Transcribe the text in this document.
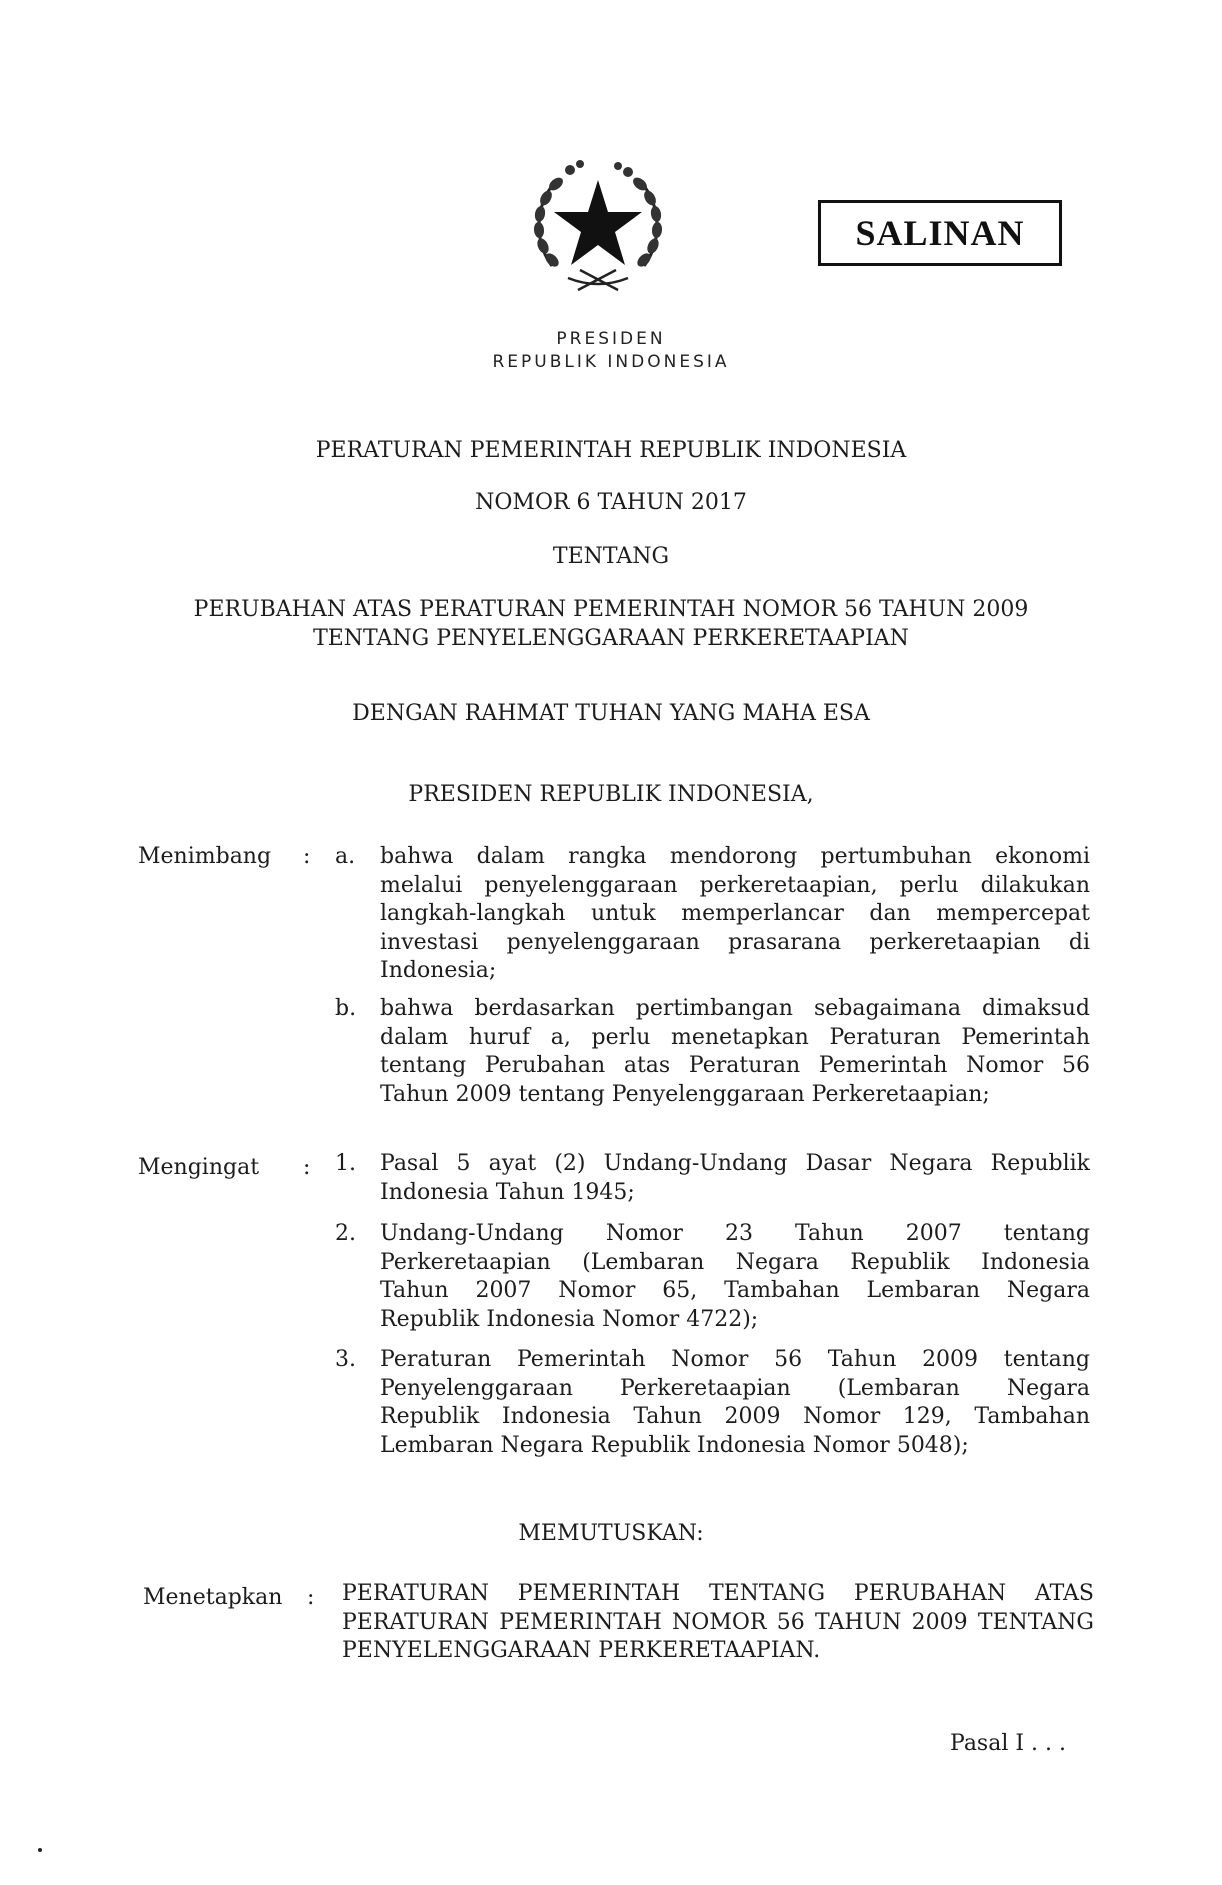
SALINAN
PRESIDEN
REPUBLIK INDONESIA
PERATURAN PEMERINTAH REPUBLIK INDONESIA
NOMOR 6 TAHUN 2017
TENTANG
PERUBAHAN ATAS PERATURAN PEMERINTAH NOMOR 56 TAHUN 2009
TENTANG PENYELENGGARAAN PERKERETAAPIAN
DENGAN RAHMAT TUHAN YANG MAHA ESA
PRESIDEN REPUBLIK INDONESIA,
Menimbang : a. bahwa dalam rangka mendorong pertumbuhan ekonomi
melalui penyelenggaraan perkeretaapian, perlu dilakukan
langkah-langkah untuk memperlancar dan mempercepat
investasi penyelenggaraan prasarana perkeretaapian di
Indonesia;
b. bahwa berdasarkan pertimbangan sebagaimana dimaksud
dalam huruf a, perlu menetapkan Peraturan Pemerintah
tentang Perubahan atas Peraturan Pemerintah Nomor 56
Tahun 2009 tentang Penyelenggaraan Perkeretaapian;
Mengingat : 1. Pasal 5 ayat (2) Undang-Undang Dasar Negara Republik
Indonesia Tahun 1945;
2. Undang-Undang Nomor 23 Tahun 2007 tentang
Perkeretaapian (Lembaran Negara Republik Indonesia
Tahun 2007 Nomor 65, Tambahan Lembaran Negara
Republik Indonesia Nomor 4722);
3. Peraturan Pemerintah Nomor 56 Tahun 2009 tentang
Penyelenggaraan Perkeretaapian (Lembaran Negara
Republik Indonesia Tahun 2009 Nomor 129, Tambahan
Lembaran Negara Republik Indonesia Nomor 5048);
MEMUTUSKAN:
Menetapkan : PERATURAN PEMERINTAH TENTANG PERUBAHAN ATAS
PERATURAN PEMERINTAH NOMOR 56 TAHUN 2009 TENTANG
PENYELENGGARAAN PERKERETAAPIAN.
Pasal I . . .
